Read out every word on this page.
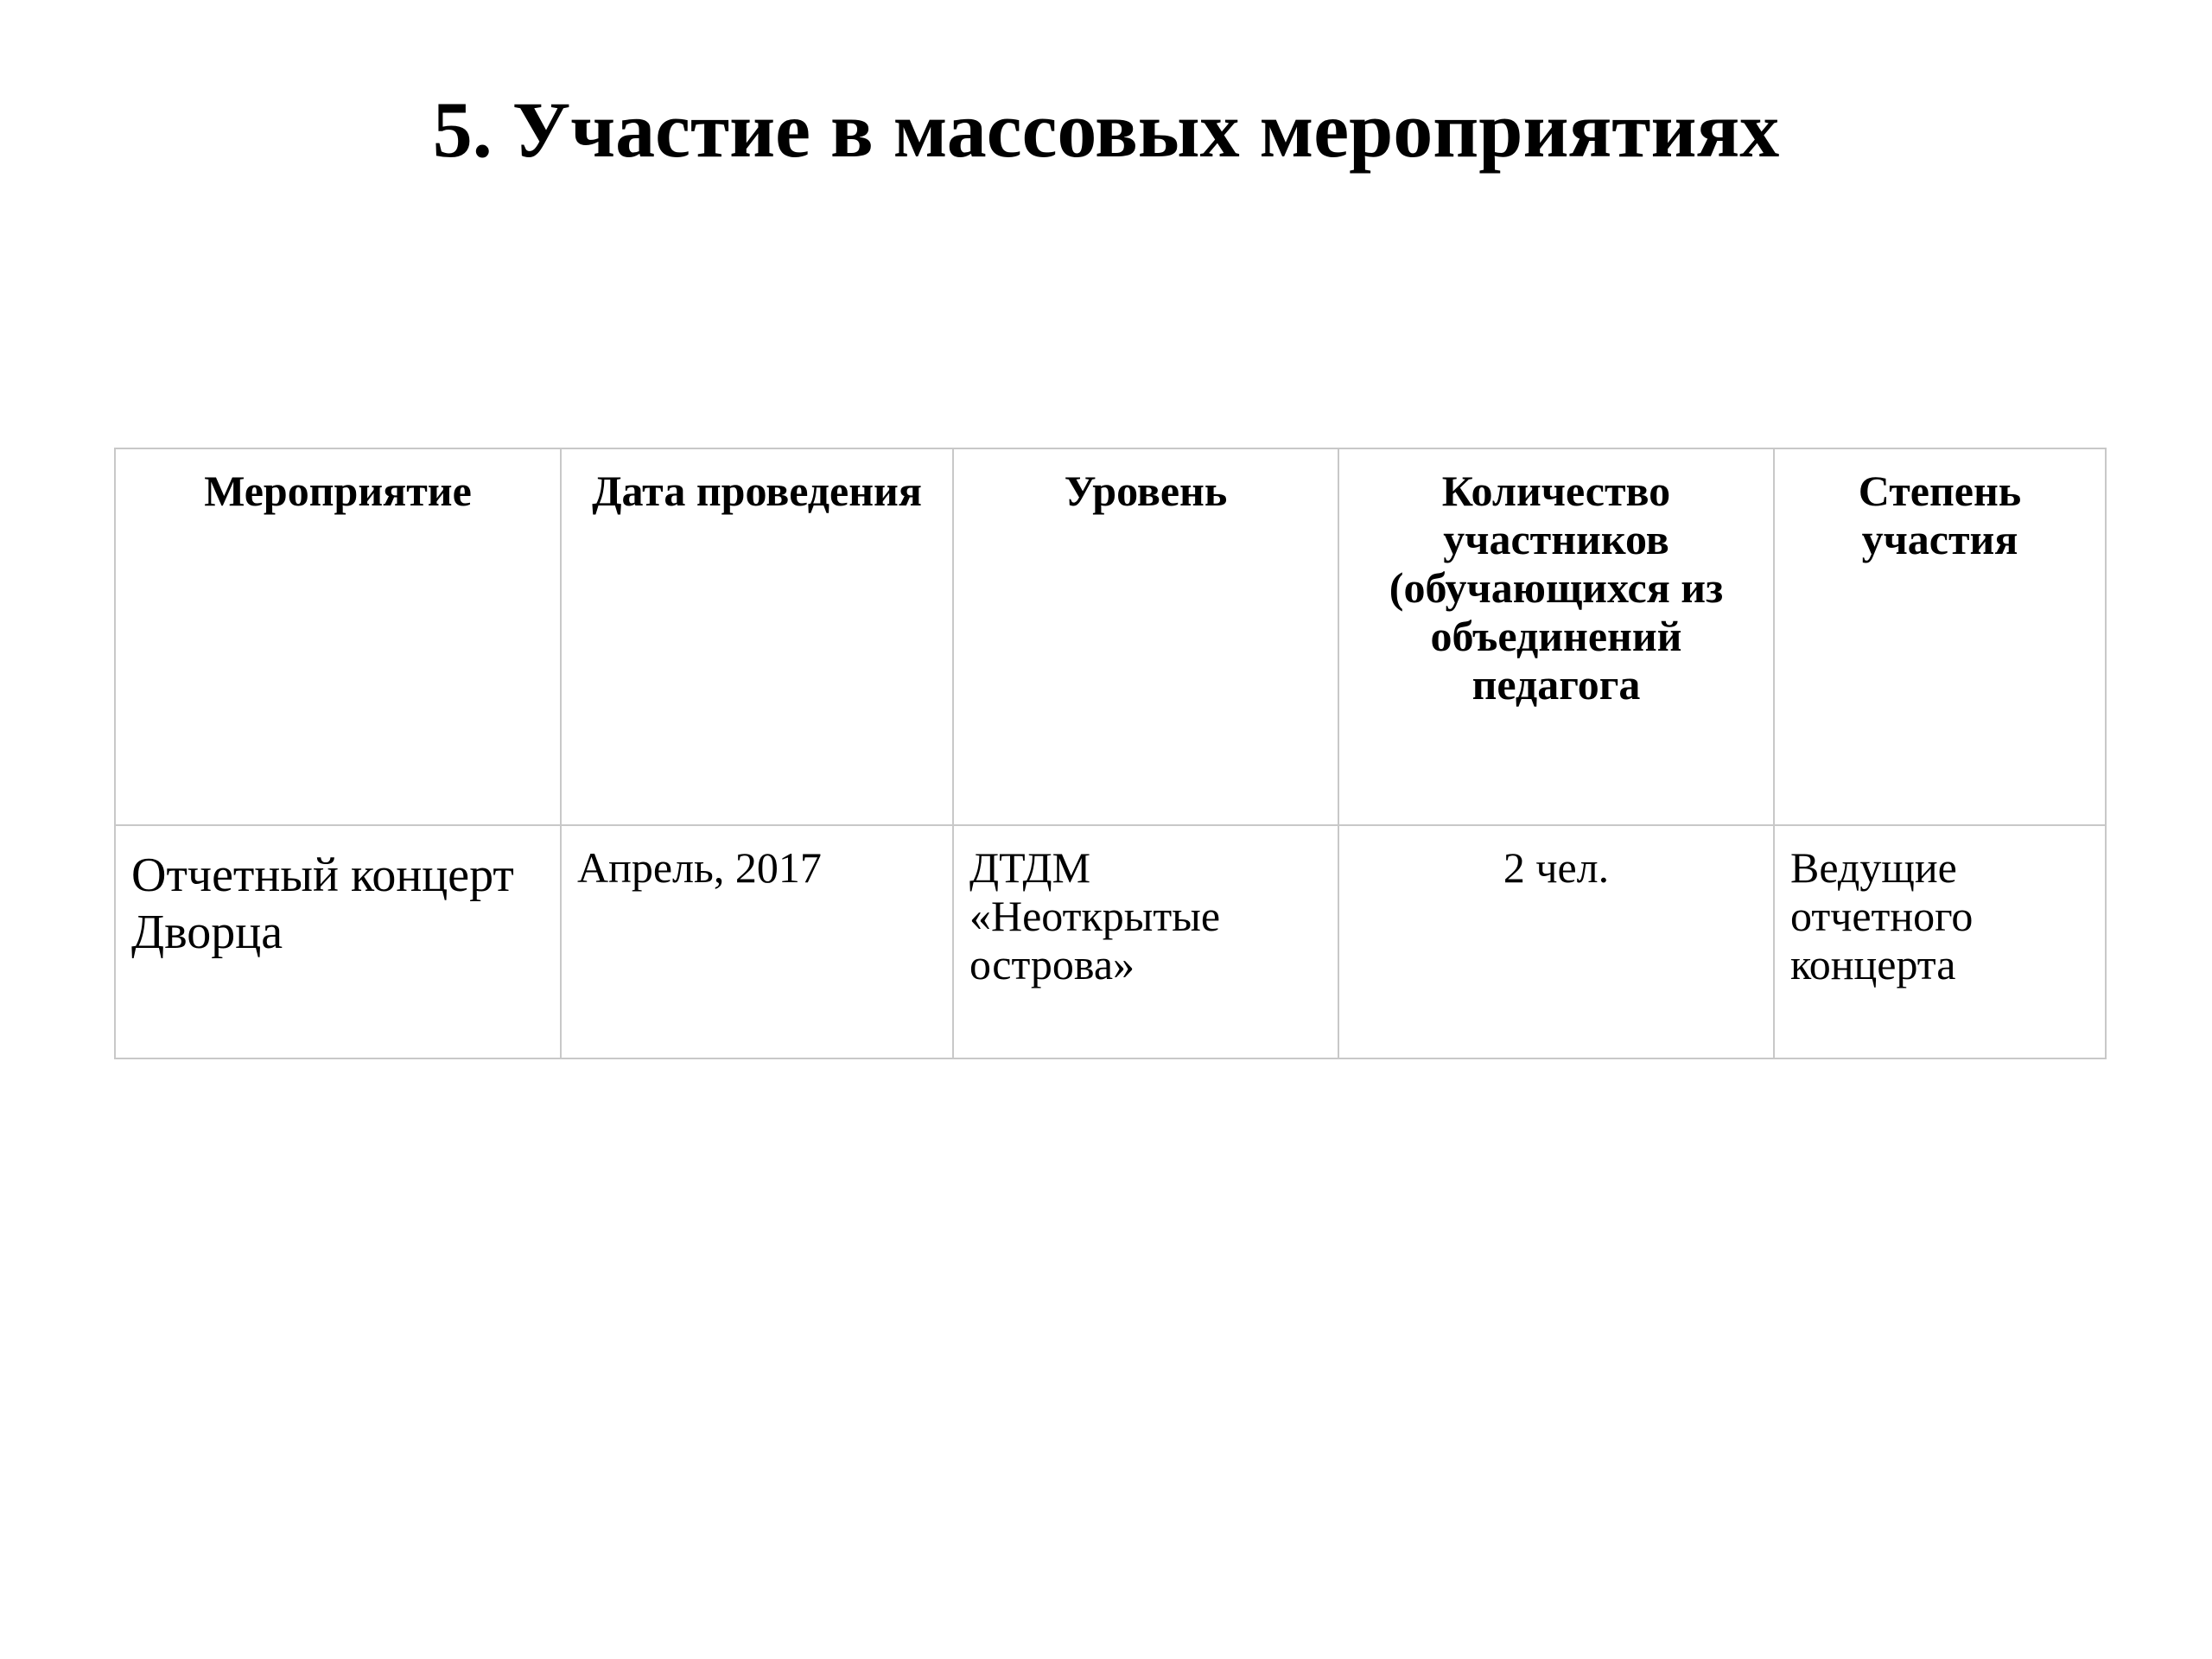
5. Участие в массовых мероприятиях
Мероприятие	Дата проведения	Уровень	Количество участников (обучающихся из объединений педагога	Степень участия
Отчетный концерт Дворца	Апрель, 2017	ДТДМ «Неоткрытые острова»	2 чел.	Ведущие отчетного концерта
